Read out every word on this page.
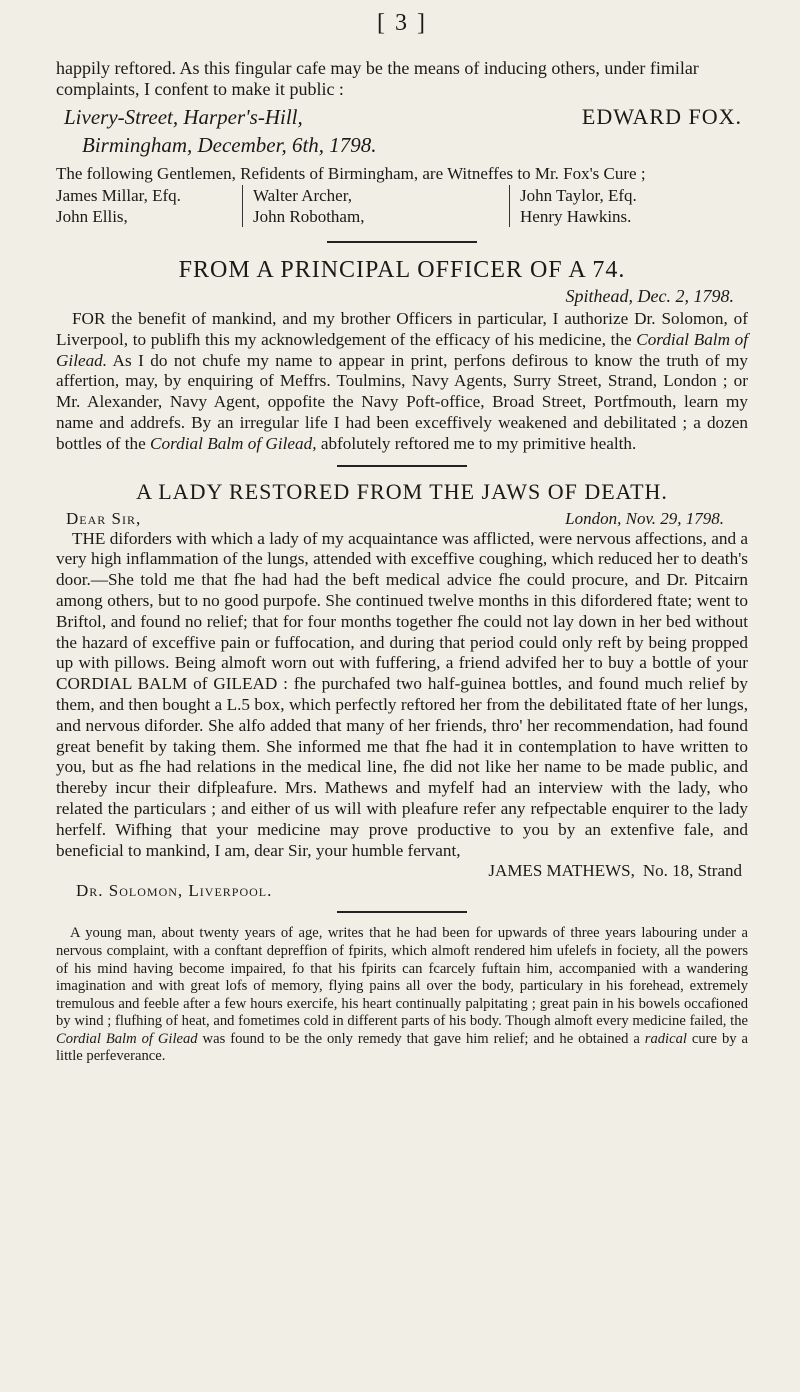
[ 3 ]
happily reftored. As this fingular cafe may be the means of inducing others, under fimilar complaints, I confent to make it public :
Livery-Street, Harper's-Hill,	EDWARD FOX.
Birmingham, December, 6th, 1798.
The following Gentlemen, Refidents of Birmingham, are Witneffes to Mr. Fox's Cure ;
James Millar, Efq.
John Ellis,
Walter Archer,
John Robotham,
John Taylor, Efq.
Henry Hawkins.
FROM A PRINCIPAL OFFICER OF A 74.
Spithead, Dec. 2, 1798.

FOR the benefit of mankind, and my brother Officers in particular, I authorize Dr. Solomon, of Liverpool, to publifh this my acknowledgement of the efficacy of his medicine, the Cordial Balm of Gilead. As I do not chufe my name to appear in print, perfons defirous to know the truth of my affertion, may, by enquiring of Meffrs. Toulmins, Navy Agents, Surry Street, Strand, London ; or Mr. Alexander, Navy Agent, oppofite the Navy Poft-office, Broad Street, Portfmouth, learn my name and addrefs. By an irregular life I had been exceffively weakened and debilitated ; a dozen bottles of the Cordial Balm of Gilead, abfolutely reftored me to my primitive health.

A LADY RESTORED FROM THE JAWS OF DEATH.
Dear Sir,	London, Nov. 29, 1798.

THE diforders with which a lady of my acquaintance was afflicted, were nervous affections, and a very high inflammation of the lungs, attended with exceffive coughing, which reduced her to death's door.—She told me that fhe had had the beft medical advice fhe could procure, and Dr. Pitcairn among others, but to no good purpofe. She continued twelve months in this difordered ftate; went to Briftol, and found no relief; that for four months together fhe could not lay down in her bed without the hazard of exceffive pain or fuffocation, and during that period could only reft by being propped up with pillows. Being almoft worn out with fuffering, a friend advifed her to buy a bottle of your CORDIAL BALM of GILEAD : fhe purchafed two half-guinea bottles, and found much relief by them, and then bought a L.5 box, which perfectly reftored her from the debilitated ftate of her lungs, and nervous diforder. She alfo added that many of her friends, thro' her recommendation, had found great benefit by taking them. She informed me that fhe had it in contemplation to have written to you, but as fhe had relations in the medical line, fhe did not like her name to be made public, and thereby incur their difpleafure. Mrs. Mathews and myfelf had an interview with the lady, who related the particulars ; and either of us will with pleafure refer any refpectable enquirer to the lady herfelf. Wifhing that your medicine may prove productive to you by an extenfive fale, and beneficial to mankind, I am, dear Sir, your humble fervant,

JAMES MATHEWS, No. 18, Strand
Dr. Solomon, Liverpool.

A young man, about twenty years of age, writes that he had been for upwards of three years labouring under a nervous complaint, with a conftant depreffion of fpirits, which almoft rendered him ufelefs in fociety, all the powers of his mind having become impaired, fo that his fpirits can fcarcely fuftain him, accompanied with a wandering imagination and with great lofs of memory, flying pains all over the body, particulary in his forehead, extremely tremulous and feeble after a few hours exercife, his heart continually palpitating ; great pain in his bowels occafioned by wind ; flufhing of heat, and fometimes cold in different parts of his body. Though almoft every medicine failed, the Cordial Balm of Gilead was found to be the only remedy that gave him relief; and he obtained a radical cure by a little perfeverance.
